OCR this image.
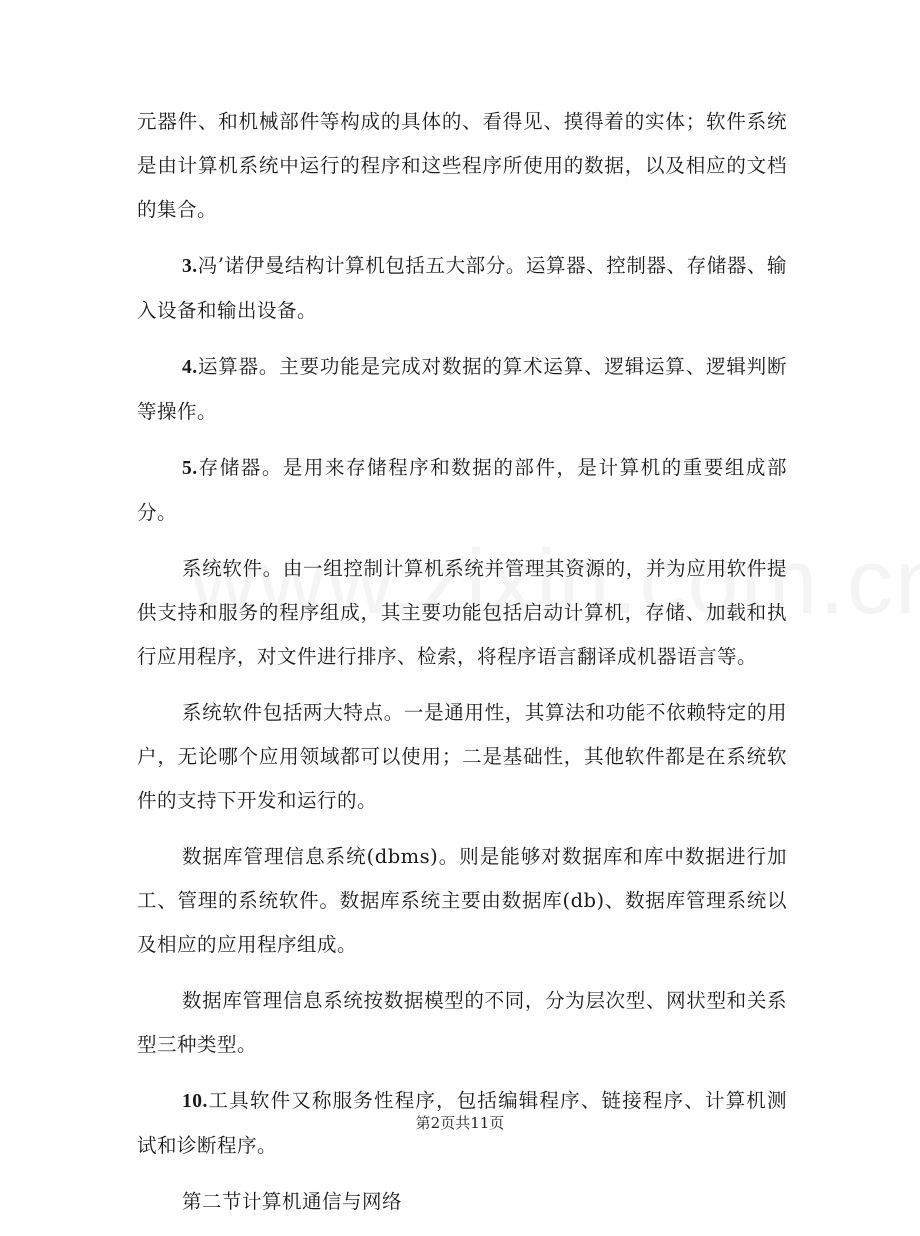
元器件、和机械部件等构成的具体的、看得见、摸得着的实体；软件系统是由计算机系统中运行的程序和这些程序所使用的数据，以及相应的文档的集合。

3.冯’诺伊曼结构计算机包括五大部分。运算器、控制器、存储器、输入设备和输出设备。

4.运算器。主要功能是完成对数据的算术运算、逻辑运算、逻辑判断等操作。

5.存储器。是用来存储程序和数据的部件，是计算机的重要组成部分。

系统软件。由一组控制计算机系统并管理其资源的，并为应用软件提供支持和服务的程序组成，其主要功能包括启动计算机，存储、加载和执行应用程序，对文件进行排序、检索，将程序语言翻译成机器语言等。

系统软件包括两大特点。一是通用性，其算法和功能不依赖特定的用户，无论哪个应用领域都可以使用；二是基础性，其他软件都是在系统软件的支持下开发和运行的。

数据库管理信息系统(dbms)。则是能够对数据库和库中数据进行加工、管理的系统软件。数据库系统主要由数据库(db)、数据库管理系统以及相应的应用程序组成。

数据库管理信息系统按数据模型的不同，分为层次型、网状型和关系型三种类型。

10.工具软件又称服务性程序，包括编辑程序、链接程序、计算机测试和诊断程序。

第二节计算机通信与网络

第2页共11页
